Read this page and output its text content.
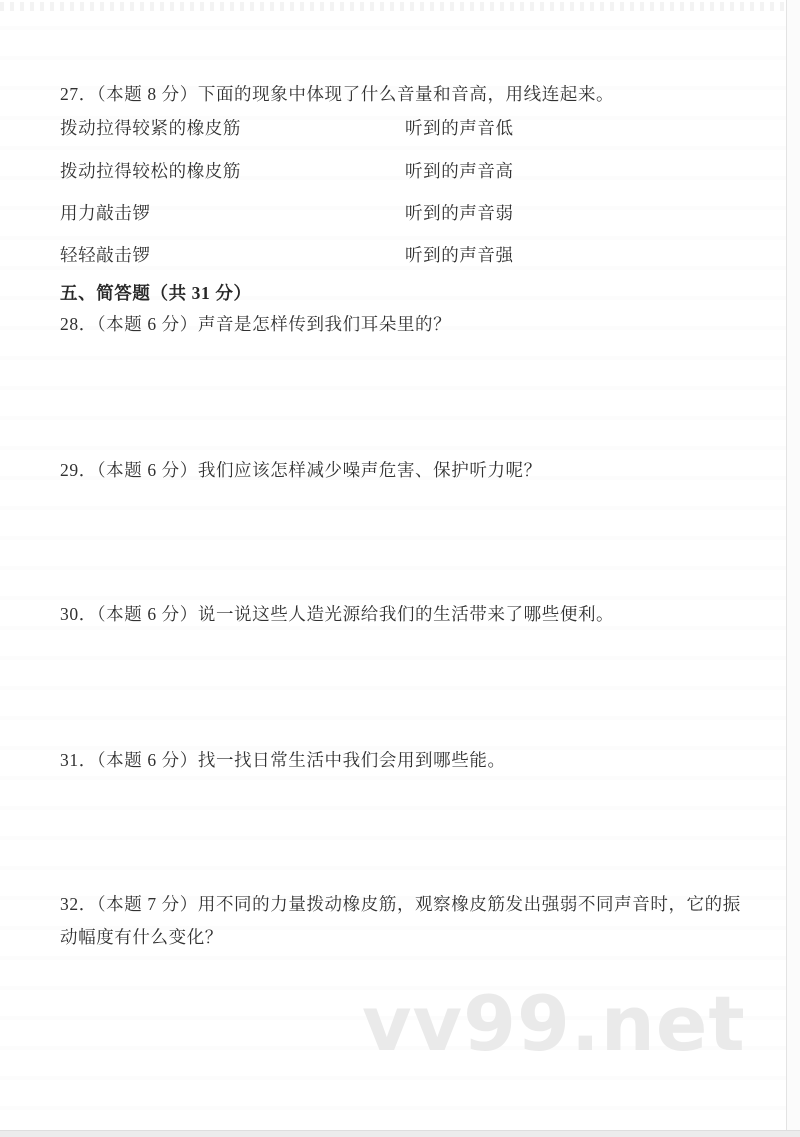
27．（本题 8 分）下面的现象中体现了什么音量和音高，用线连起来。
拨动拉得较紧的橡皮筋	听到的声音低
拨动拉得较松的橡皮筋	听到的声音高
用力敲击锣	听到的声音弱
轻轻敲击锣	听到的声音强
五、简答题（共 31 分）
28．（本题 6 分）声音是怎样传到我们耳朵里的？
29．（本题 6 分）我们应该怎样减少噪声危害、保护听力呢？
30．（本题 6 分）说一说这些人造光源给我们的生活带来了哪些便利。
31．（本题 6 分）找一找日常生活中我们会用到哪些能。
32．（本题 7 分）用不同的力量拨动橡皮筋，观察橡皮筋发出强弱不同声音时，它的振动幅度有什么变化？
vv99.net
